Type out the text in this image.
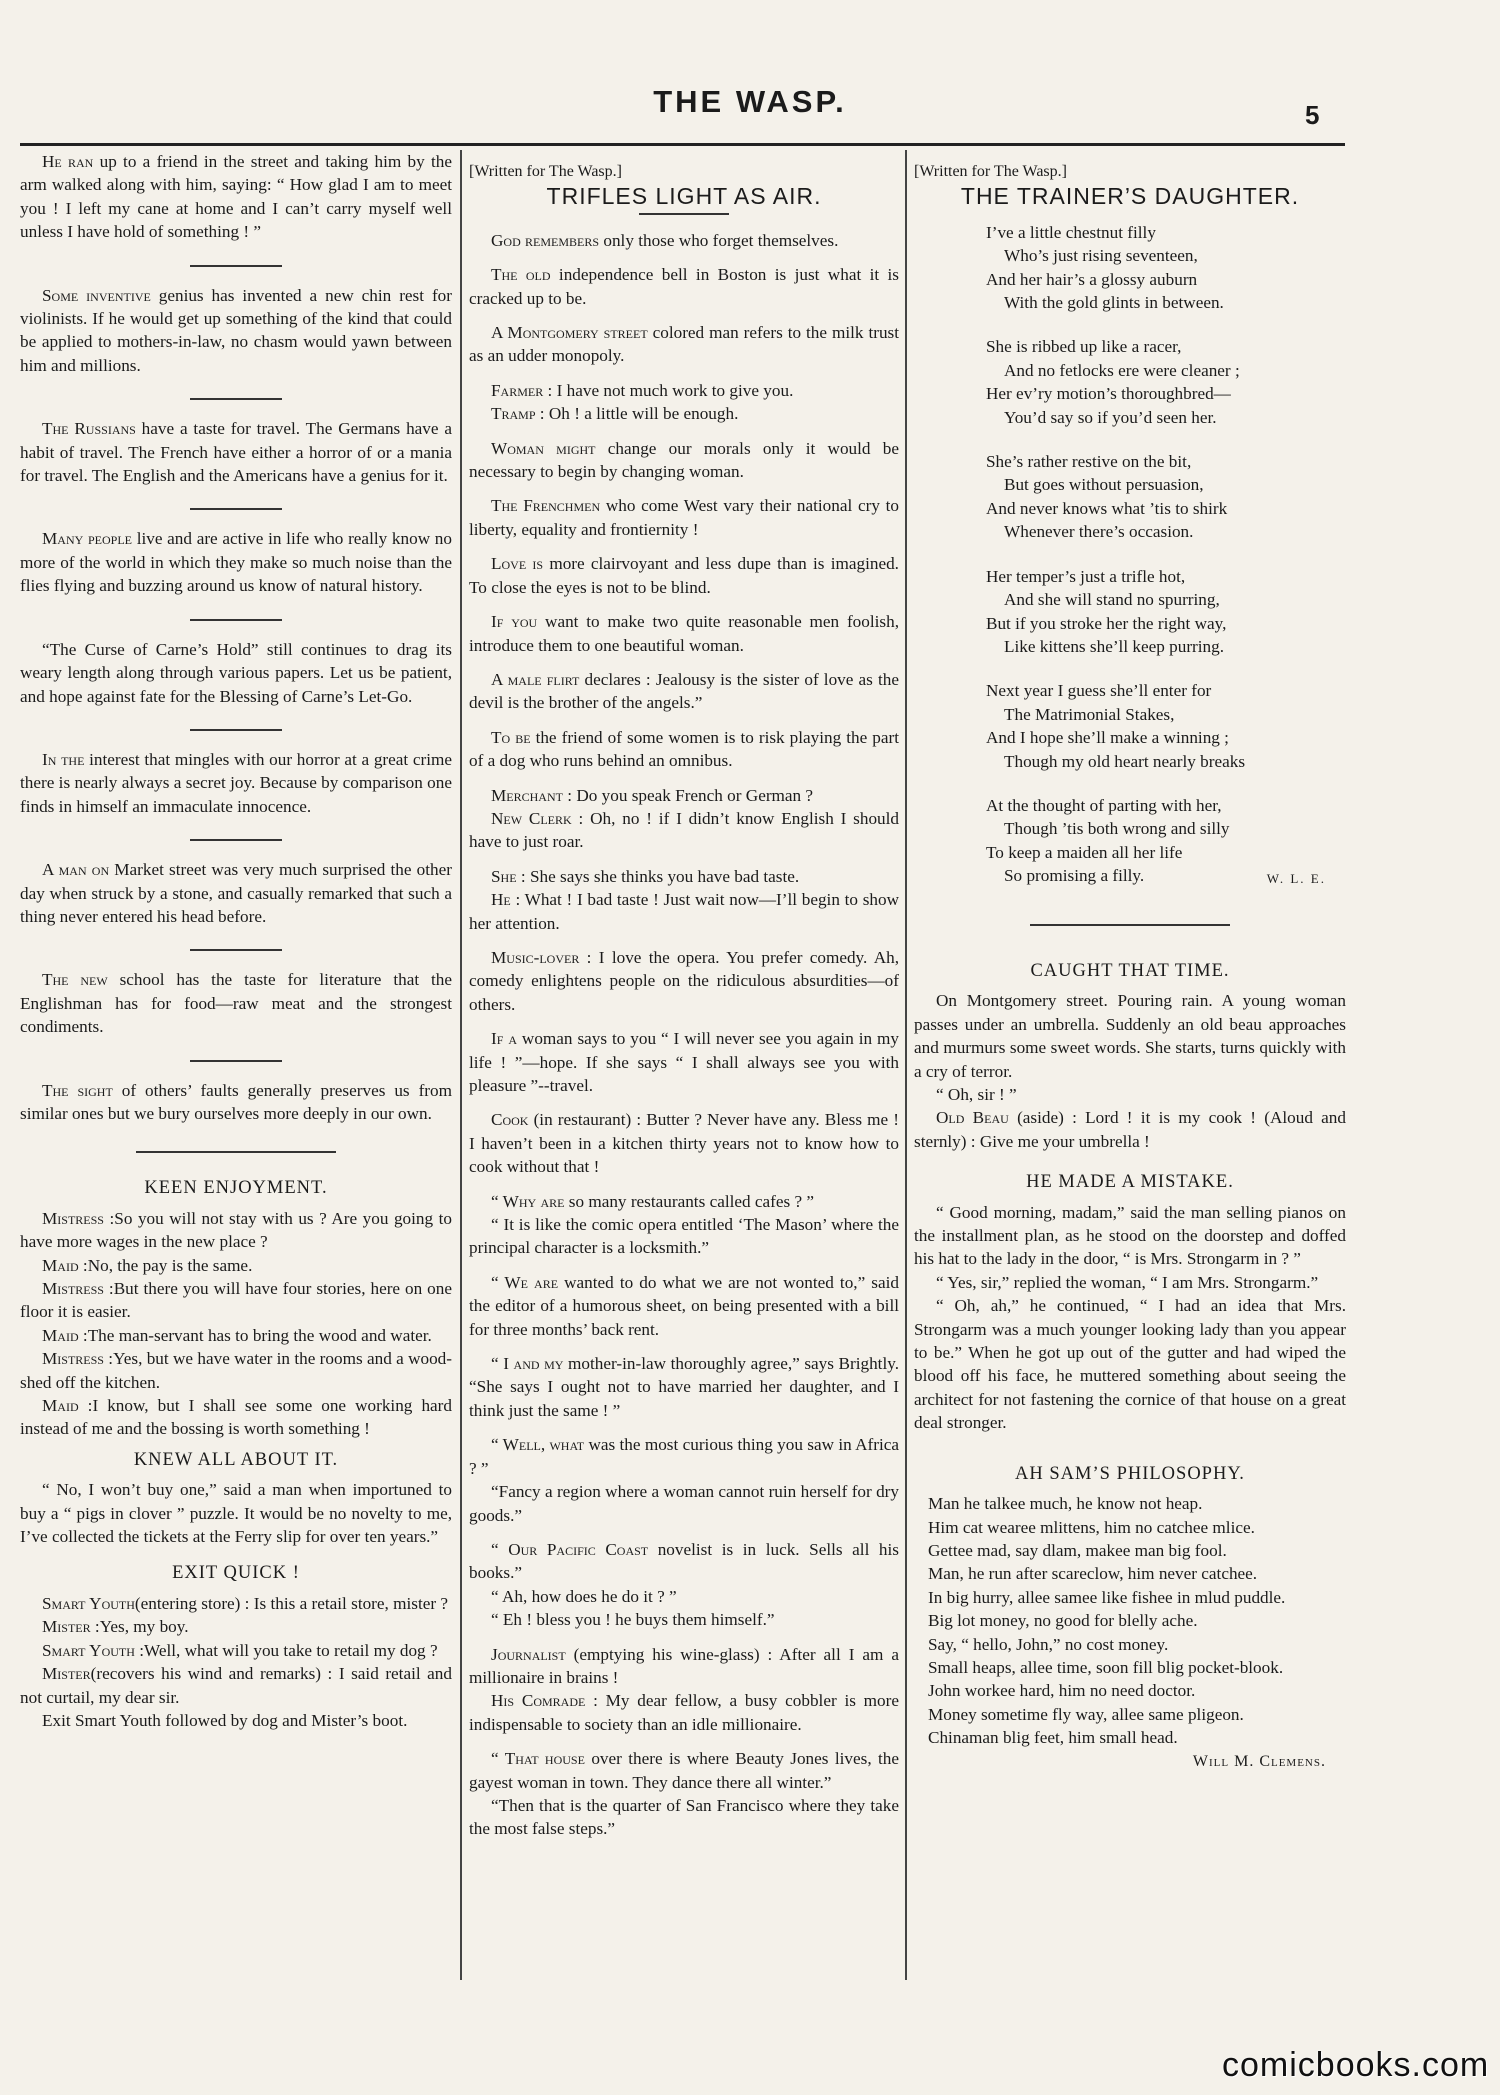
THE WASP.	5

He ran up to a friend in the street and taking him by the arm walked along with him, saying: “ How glad I am to meet you ! I left my cane at home and I can’t carry myself well unless I have hold of something ! ”

Some inventive genius has invented a new chin rest for violinists. If he would get up something of the kind that could be applied to mothers-in-law, no chasm would yawn between him and millions.

The Russians have a taste for travel. The Germans have a habit of travel. The French have either a horror of or a mania for travel. The English and the Americans have a genius for it.

Many people live and are active in life who really know no more of the world in which they make so much noise than the flies flying and buzzing around us know of natural history.

“The Curse of Carne’s Hold” still continues to drag its weary length along through various papers. Let us be patient, and hope against fate for the Blessing of Carne’s Let-Go.

In the interest that mingles with our horror at a great crime there is nearly always a secret joy. Because by comparison one finds in himself an immaculate innocence.

A man on Market street was very much surprised the other day when struck by a stone, and casually remarked that such a thing never entered his head before.

The new school has the taste for literature that the Englishman has for food—raw meat and the strongest condiments.

The sight of others’ faults generally preserves us from similar ones but we bury ourselves more deeply in our own.

KEEN ENJOYMENT.

Mistress :So you will not stay with us ? Are you going to have more wages in the new place ?

Maid :No, the pay is the same.

Mistress :But there you will have four stories, here on one floor it is easier.

Maid :The man-servant has to bring the wood and water.

Mistress :Yes, but we have water in the rooms and a wood-shed off the kitchen.

Maid :I know, but I shall see some one working hard instead of me and the bossing is worth something !

KNEW ALL ABOUT IT.

“ No, I won’t buy one,” said a man when importuned to buy a “ pigs in clover ” puzzle. It would be no novelty to me, I’ve collected the tickets at the Ferry slip for over ten years.”

EXIT QUICK !

Smart Youth(entering store) : Is this a retail store, mister ?

Mister :Yes, my boy.

Smart Youth :Well, what will you take to retail my dog ?

Mister(recovers his wind and remarks) : I said retail and not curtail, my dear sir.

Exit Smart Youth followed by dog and Mister’s boot.

[Written for The Wasp.]

TRIFLES LIGHT AS AIR.

God remembers only those who forget themselves.

The old independence bell in Boston is just what it is cracked up to be.

A Montgomery street colored man refers to the milk trust as an udder monopoly.

Farmer : I have not much work to give you.

Tramp : Oh ! a little will be enough.

Woman might change our morals only it would be necessary to begin by changing woman.

The Frenchmen who come West vary their national cry to liberty, equality and frontiernity !

Love is more clairvoyant and less dupe than is imagined. To close the eyes is not to be blind.

If you want to make two quite reasonable men foolish, introduce them to one beautiful woman.

A male flirt declares : Jealousy is the sister of love as the devil is the brother of the angels.”

To be the friend of some women is to risk playing the part of a dog who runs behind an omnibus.

Merchant : Do you speak French or German ?

New Clerk : Oh, no ! if I didn’t know English I should have to just roar.

She : She says she thinks you have bad taste.

He : What ! I bad taste ! Just wait now—I’ll begin to show her attention.

Music-lover : I love the opera. You prefer comedy. Ah, comedy enlightens people on the ridiculous absurdities—of others.

If a woman says to you “ I will never see you again in my life ! ”—hope. If she says “ I shall always see you with pleasure ”--travel.

Cook (in restaurant) : Butter ? Never have any. Bless me ! I haven’t been in a kitchen thirty years not to know how to cook without that !

“ Why are so many restaurants called cafes ? ”

“ It is like the comic opera entitled ‘The Mason’ where the principal character is a locksmith.”

“ We are wanted to do what we are not wonted to,” said the editor of a humorous sheet, on being presented with a bill for three months’ back rent.

“ I and my mother-in-law thoroughly agree,” says Brightly. “She says I ought not to have married her daughter, and I think just the same ! ”

“ Well, what was the most curious thing you saw in Africa ? ”

“Fancy a region where a woman cannot ruin herself for dry goods.”

“ Our Pacific Coast novelist is in luck. Sells all his books.”

“ Ah, how does he do it ? ”

“ Eh ! bless you ! he buys them himself.”

Journalist (emptying his wine-glass) : After all I am a millionaire in brains !

His Comrade : My dear fellow, a busy cobbler is more indispensable to society than an idle millionaire.

“ That house over there is where Beauty Jones lives, the gayest woman in town. They dance there all winter.”

“Then that is the quarter of San Francisco where they take the most false steps.”

[Written for The Wasp.]

THE TRAINER’S DAUGHTER.
I’ve a little chestnut filly
Who’s just rising seventeen,
And her hair’s a glossy auburn
With the gold glints in between.
She is ribbed up like a racer,
And no fetlocks ere were cleaner ;
Her ev’ry motion’s thoroughbred—
You’d say so if you’d seen her.
She’s rather restive on the bit,
But goes without persuasion,
And never knows what ’tis to shirk
Whenever there’s occasion.
Her temper’s just a trifle hot,
And she will stand no spurring,
But if you stroke her the right way,
Like kittens she’ll keep purring.
Next year I guess she’ll enter for
The Matrimonial Stakes,
And I hope she’ll make a winning ;
Though my old heart nearly breaks
At the thought of parting with her,
Though ’tis both wrong and silly
To keep a maiden all her life
So promising a filly.	W. L. E.
CAUGHT THAT TIME.

On Montgomery street. Pouring rain. A young woman passes under an umbrella. Suddenly an old beau approaches and murmurs some sweet words. She starts, turns quickly with a cry of terror.

“ Oh, sir ! ”

Old Beau (aside) : Lord ! it is my cook ! (Aloud and sternly) : Give me your umbrella !

HE MADE A MISTAKE.

“ Good morning, madam,” said the man selling pianos on the installment plan, as he stood on the doorstep and doffed his hat to the lady in the door, “ is Mrs. Strongarm in ? ”

“ Yes, sir,” replied the woman, “ I am Mrs. Strongarm.”

“ Oh, ah,” he continued, “ I had an idea that Mrs. Strongarm was a much younger looking lady than you appear to be.” When he got up out of the gutter and had wiped the blood off his face, he muttered something about seeing the architect for not fastening the cornice of that house on a great deal stronger.

AH SAM’S PHILOSOPHY.

Man he talkee much, he know not heap.

Him cat wearee mlittens, him no catchee mlice.

Gettee mad, say dlam, makee man big fool.

Man, he run after scareclow, him never catchee.

In big hurry, allee samee like fishee in mlud puddle.

Big lot money, no good for blelly ache.

Say, “ hello, John,” no cost money.

Small heaps, allee time, soon fill blig pocket-blook.

John workee hard, him no need doctor.

Money sometime fly way, allee same pligeon.

Chinaman blig feet, him small head.

Will M. Clemens.
comicbooks.com
